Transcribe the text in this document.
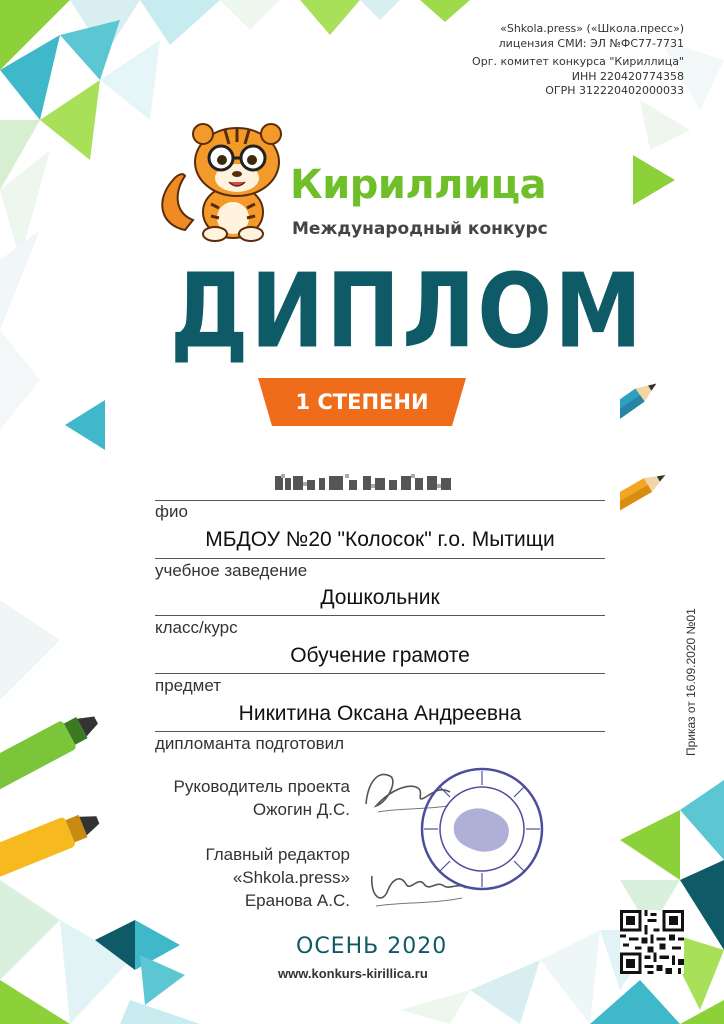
«Shkola.press» («Школа.пресс»)
лицензия СМИ: ЭЛ №ФС77-7731
Орг. комитет конкурса "Кириллица"
ИНН 220420774358
ОГРН 312220402000033
Кириллица
Международный конкурс
ДИПЛОМ
1 СТЕПЕНИ
фио
МБДОУ №20 "Колосок" г.о. Мытищи
учебное заведение
Дошкольник
класс/курс
Обучение грамоте
предмет
Никитина Оксана Андреевна
дипломанта подготовил
Руководитель проекта
Ожогин Д.С.
Главный редактор
«Shkola.press»
Еранова А.С.
ОСЕНЬ 2020
www.konkurs-kirillica.ru
Приказ от 16.09.2020 №01
